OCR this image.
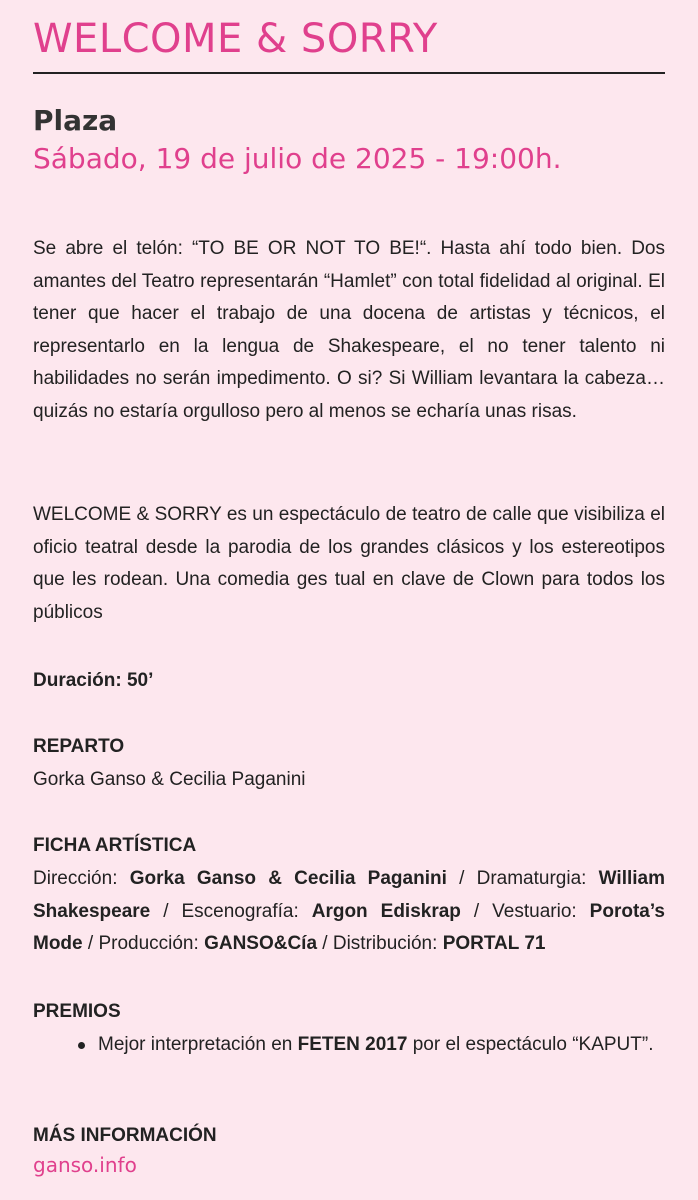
WELCOME & SORRY
Plaza
Sábado, 19 de julio de 2025 - 19:00h.
Se abre el telón: “TO BE OR NOT TO BE!“. Hasta ahí todo bien. Dos amantes del Teatro representarán “Hamlet” con total fidelidad al original. El tener que hacer el trabajo de una docena de artistas y técnicos, el representarlo en la lengua de Shakespeare, el no tener talento ni habilidades no serán impedimento. O si? Si William levantara la cabeza… quizás no estaría orgulloso pero al menos se echaría unas risas.
WELCOME & SORRY es un espectáculo de teatro de calle que visibiliza el oficio teatral desde la parodia de los grandes clásicos y los estereotipos que les rodean. Una comedia ges tual en clave de Clown para todos los públicos
Duración: 50’
REPARTO
Gorka Ganso & Cecilia Paganini
FICHA ARTÍSTICA
Dirección: Gorka Ganso & Cecilia Paganini / Dramaturgia: William Shakespeare / Escenografía: Argon Ediskrap / Vestuario: Porota’s Mode / Producción: GANSO&Cía / Distribución: PORTAL 71
PREMIOS
Mejor interpretación en FETEN 2017 por el espectáculo “KAPUT”.
MÁS INFORMACIÓN
ganso.info
